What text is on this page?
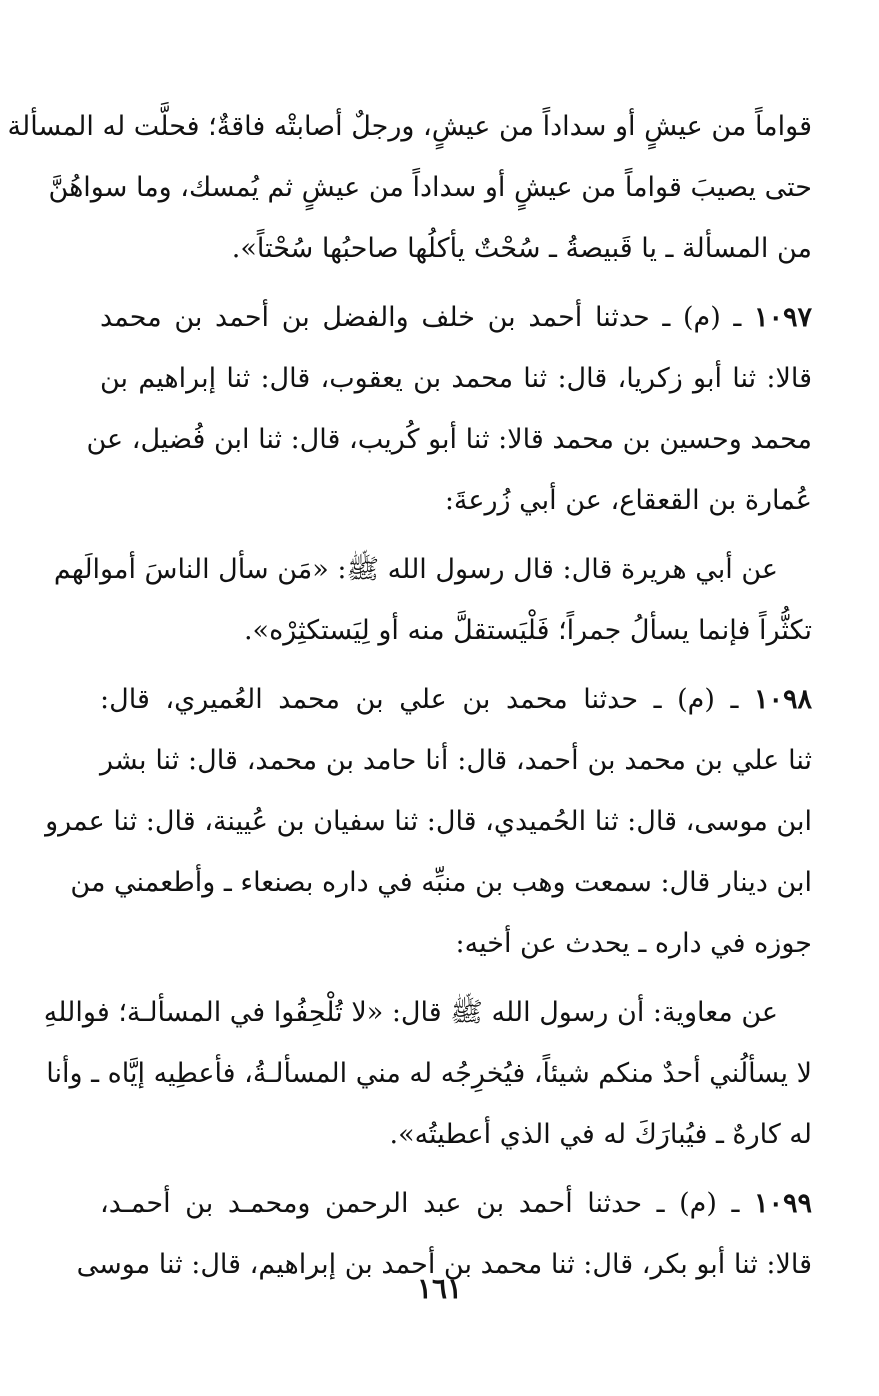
قواماً من عيشٍ أو سداداً من عيشٍ، ورجلٌ أصابتْه فاقةٌ؛ فحلَّت له المسألة
حتى يصيبَ قواماً من عيشٍ أو سداداً من عيشٍ ثم يُمسك، وما سواهُنَّ
من المسألة ـ يا قَبيصةُ ـ سُحْتٌ يأكلُها صاحبُها سُحْتاً».
١٠٩٧ ـ (م) ـ حدثنا أحمد بن خلف والفضل بن أحمد بن محمد
قالا: ثنا أبو زكريا، قال: ثنا محمد بن يعقوب، قال: ثنا إبراهيم بن
محمد وحسين بن محمد قالا: ثنا أبو كُريب، قال: ثنا ابن فُضيل، عن
عُمارة بن القعقاع، عن أبي زُرعةَ:
عن أبي هريرة قال: قال رسول الله ﷺ: «مَن سأل الناسَ أموالَهم
تكثُّراً فإنما يسألُ جمراً؛ فَلْيَستقلَّ منه أو لِيَستكثِرْه».
١٠٩٨ ـ (م) ـ حدثنا محمد بن علي بن محمد العُميري، قال:
ثنا علي بن محمد بن أحمد، قال: أنا حامد بن محمد، قال: ثنا بشر
ابن موسى، قال: ثنا الحُميدي، قال: ثنا سفيان بن عُيينة، قال: ثنا عمرو
ابن دينار قال: سمعت وهب بن منبِّه في داره بصنعاء ـ وأطعمني من
جوزه في داره ـ يحدث عن أخيه:
عن معاوية: أن رسول الله ﷺ قال: «لا تُلْحِفُوا في المسألـة؛ فواللهِ
لا يسألُني أحدٌ منكم شيئاً، فيُخرِجُه له مني المسألـةُ، فأعطِيه إيَّاه ـ وأنا
له كارهٌ ـ فيُبارَكَ له في الذي أعطيتُه».
١٠٩٩ ـ (م) ـ حدثنا أحمد بن عبد الرحمن ومحمـد بن أحمـد،
قالا: ثنا أبو بكر، قال: ثنا محمد بن أحمد بن إبراهيم، قال: ثنا موسى
١٦١
